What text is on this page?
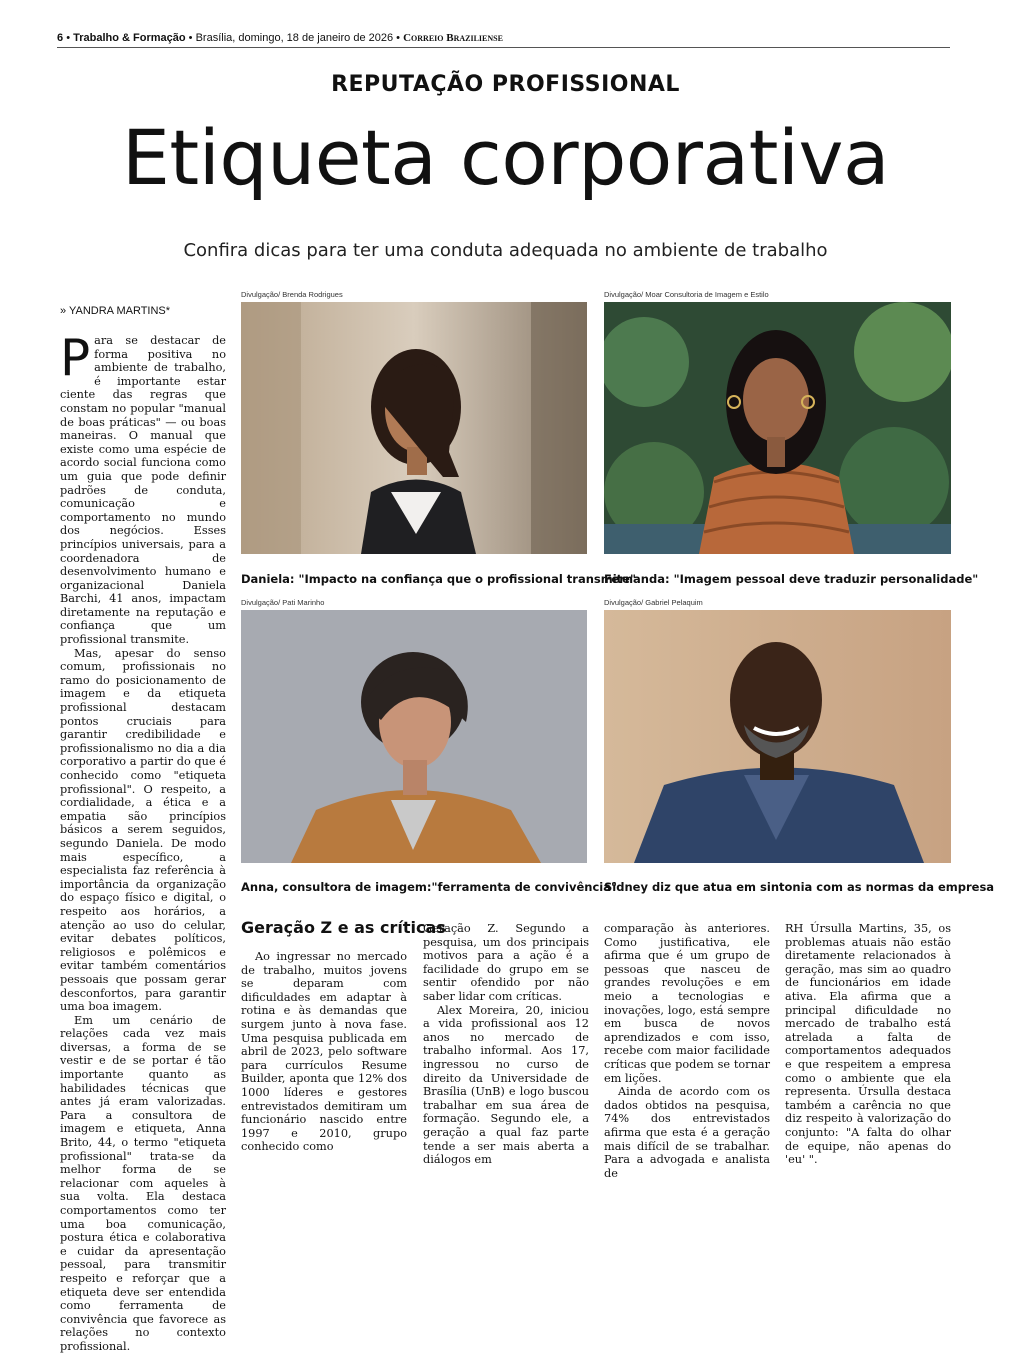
6 • Trabalho & Formação • Brasília, domingo, 18 de janeiro de 2026 • Correio Braziliense
REPUTAÇÃO PROFISSIONAL
Etiqueta corporativa
Confira dicas para ter uma conduta adequada no ambiente de trabalho
» YANDRA MARTINS*

Para se destacar de forma positiva no ambiente de trabalho, é importante estar ciente das regras que constam no popular "manual de boas práticas" — ou boas maneiras. O manual que existe como uma espécie de acordo social funciona como um guia que pode definir padrões de conduta, comunicação e comportamento no mundo dos negócios. Esses princípios universais, para a coordenadora de desenvolvimento humano e organizacional Daniela Barchi, 41 anos, impactam diretamente na reputação e confiança que um profissional transmite.

Mas, apesar do senso comum, profissionais no ramo do posicionamento de imagem e da etiqueta profissional destacam pontos cruciais para garantir credibilidade e profissionalismo no dia a dia corporativo a partir do que é conhecido como "etiqueta profissional". O respeito, a cordialidade, a ética e a empatia são princípios básicos a serem seguidos, segundo Daniela. De modo mais específico, a especialista faz referência à importância da organização do espaço físico e digital, o respeito aos horários, a atenção ao uso do celular, evitar debates políticos, religiosos e polêmicos e evitar também comentários pessoais que possam gerar desconfortos, para garantir uma boa imagem.

Em um cenário de relações cada vez mais diversas, a forma de se vestir e de se portar é tão importante quanto as habilidades técnicas que antes já eram valorizadas. Para a consultora de imagem e etiqueta, Anna Brito, 44, o termo "etiqueta profissional" trata-se da melhor forma de se relacionar com aqueles à sua volta. Ela destaca comportamentos como ter uma boa comunicação, postura ética e colaborativa e cuidar da apresentação pessoal, para transmitir respeito e reforçar que a etiqueta deve ser entendida como ferramenta de convivência que favorece as relações no contexto profissional.

Divulgação/ Brenda Rodrigues
Daniela: "Impacto na confiança que o profissional transmite"
Divulgação/ Moar Consultoria de Imagem e Estilo
Fernanda: "Imagem pessoal deve traduzir personalidade"
Divulgação/ Pati Marinho
Anna, consultora de imagem:"ferramenta de convivência"
Divulgação/ Gabriel Pelaquim
Sidney diz que atua em sintonia com as normas da empresa
Geração Z e as críticas

Ao ingressar no mercado de trabalho, muitos jovens se deparam com dificuldades em adaptar à rotina e às demandas que surgem junto à nova fase. Uma pesquisa publicada em abril de 2023, pelo software para currículos Resume Builder, aponta que 12% dos 1000 líderes e gestores entrevistados demitiram um funcionário nascido entre 1997 e 2010, grupo conhecido como

Geração Z. Segundo a pesquisa, um dos principais motivos para a ação é a facilidade do grupo em se sentir ofendido por não saber lidar com críticas.

Alex Moreira, 20, iniciou a vida profissional aos 12 anos no mercado de trabalho informal. Aos 17, ingressou no curso de direito da Universidade de Brasília (UnB) e logo buscou trabalhar em sua área de formação. Segundo ele, a geração a qual faz parte tende a ser mais aberta a diálogos em

comparação às anteriores. Como justificativa, ele afirma que é um grupo de pessoas que nasceu de grandes revoluções e em meio a tecnologias e inovações, logo, está sempre em busca de novos aprendizados e com isso, recebe com maior facilidade críticas que podem se tornar em lições.

Ainda de acordo com os dados obtidos na pesquisa, 74% dos entrevistados afirma que esta é a geração mais difícil de se trabalhar. Para a advogada e analista de

RH Úrsulla Martins, 35, os problemas atuais não estão diretamente relacionados à geração, mas sim ao quadro de funcionários em idade ativa. Ela afirma que a principal dificuldade no mercado de trabalho está atrelada a falta de comportamentos adequados e que respeitem a empresa como o ambiente que ela representa. Úrsulla destaca também a carência no que diz respeito à valorização do conjunto: "A falta do olhar de equipe, não apenas do 'eu' ".
